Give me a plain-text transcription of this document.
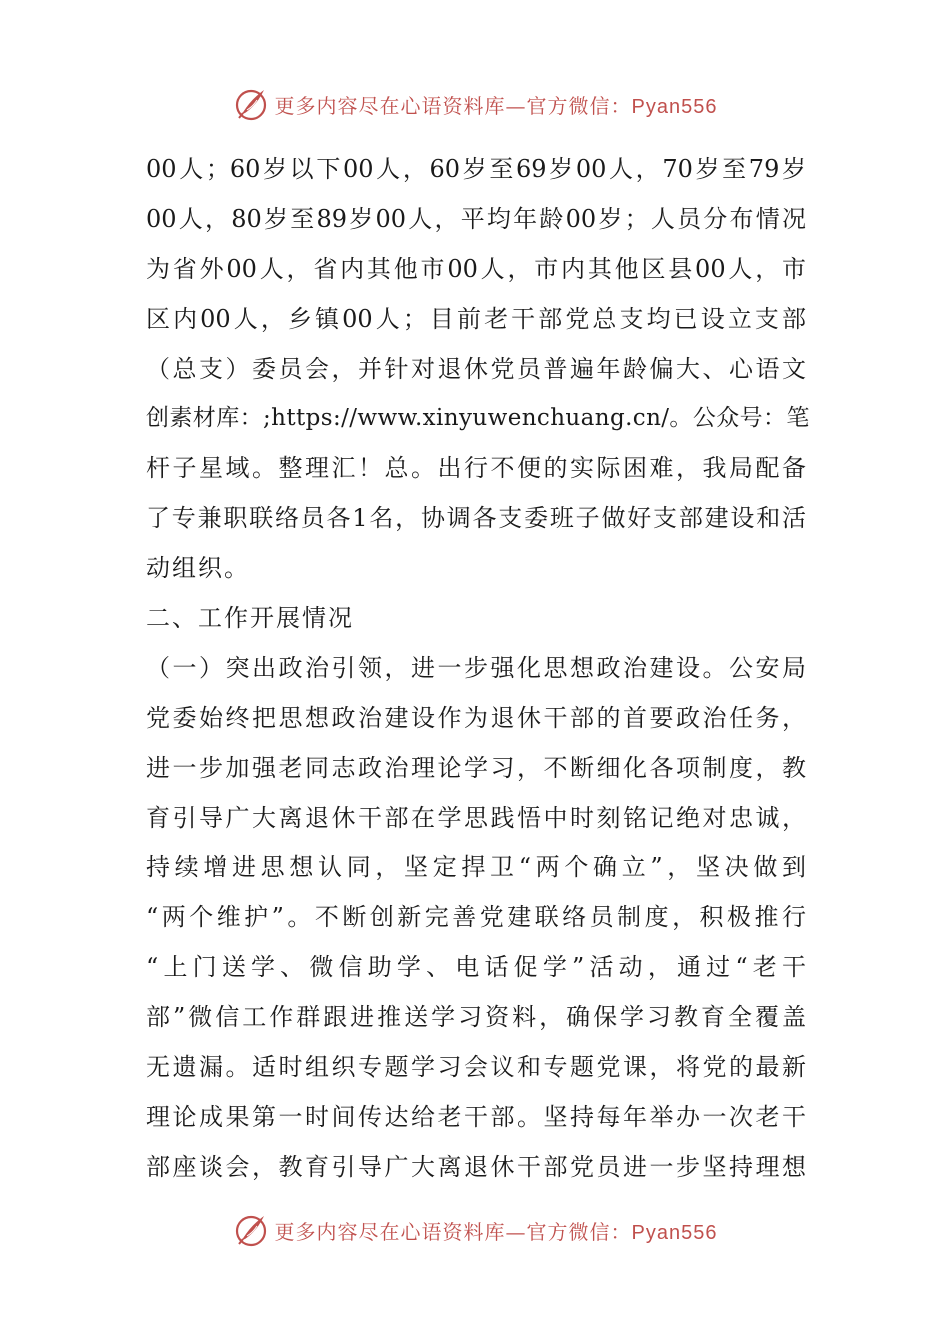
更多内容尽在心语资料库—官方微信：Pyan556
00人；60岁以下00人，60岁至69岁00人，70岁至79岁
00人，80岁至89岁00人，平均年龄00岁；人员分布情况
为省外00人，省内其他市00人，市内其他区县00人，市
区内00人，乡镇00人；目前老干部党总支均已设立支部
（总支）委员会，并针对退休党员普遍年龄偏大、心语文
创素材库：;https://www.xinyuwenchuang.cn/。公众号：笔
杆子星域。整理汇！总。出行不便的实际困难，我局配备
了专兼职联络员各1名，协调各支委班子做好支部建设和活
动组织。
二、工作开展情况
（一）突出政治引领，进一步强化思想政治建设。公安局
党委始终把思想政治建设作为退休干部的首要政治任务，
进一步加强老同志政治理论学习，不断细化各项制度，教
育引导广大离退休干部在学思践悟中时刻铭记绝对忠诚，
持续增进思想认同，坚定捍卫“两个确立”，坚决做到
“两个维护”。不断创新完善党建联络员制度，积极推行
“上门送学、微信助学、电话促学”活动，通过“老干
部”微信工作群跟进推送学习资料，确保学习教育全覆盖
无遗漏。适时组织专题学习会议和专题党课，将党的最新
理论成果第一时间传达给老干部。坚持每年举办一次老干
部座谈会，教育引导广大离退休干部党员进一步坚持理想
更多内容尽在心语资料库—官方微信：Pyan556
